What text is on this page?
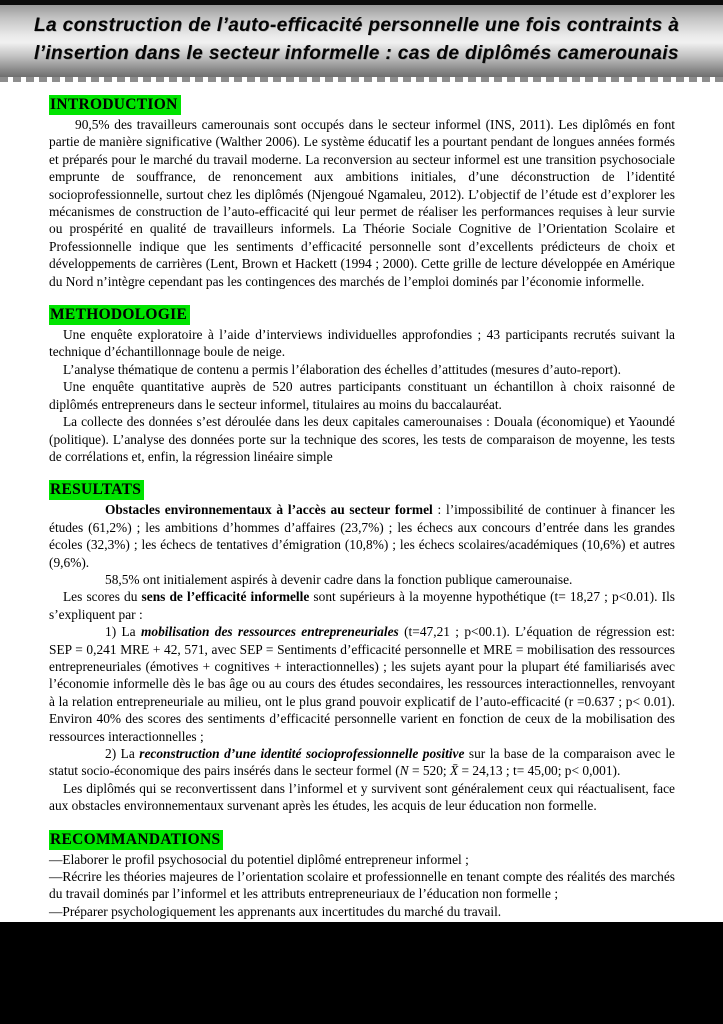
La construction de l’auto-efficacité personnelle une fois contraints à
l’insertion dans le secteur informelle : cas de diplômés camerounais
INTRODUCTION

90,5% des travailleurs camerounais sont occupés dans le secteur informel (INS, 2011). Les diplômés en font partie de manière significative (Walther 2006). Le système éducatif les a pourtant pendant de longues années formés et préparés pour le marché du travail moderne. La reconversion au secteur informel est une transition psychosociale emprunte de souffrance, de renoncement aux ambitions initiales, d’une déconstruction de l’identité socioprofessionnelle, surtout chez les diplômés (Njengoué Ngamaleu, 2012). L’objectif de l’étude est d’explorer les mécanismes de construction de l’auto-efficacité qui leur permet de réaliser les performances requises à leur survie ou prospérité en qualité de travailleurs informels. La Théorie Sociale Cognitive de l’Orientation Scolaire et Professionnelle indique que les sentiments d’efficacité personnelle sont d’excellents prédicteurs de choix et développements de carrières (Lent, Brown et Hackett (1994 ; 2000). Cette grille de lecture développée en Amérique du Nord n’intègre cependant pas les contingences des marchés de l’emploi dominés par l’économie informelle.

METHODOLOGIE

Une enquête exploratoire à l’aide d’interviews individuelles approfondies ; 43 participants recrutés suivant la technique d’échantillonnage boule de neige.

L’analyse thématique de contenu a permis l’élaboration des échelles d’attitudes (mesures d’auto-report).

Une enquête quantitative auprès de 520 autres participants constituant un échantillon à choix raisonné de diplômés entrepreneurs dans le secteur informel, titulaires au moins du baccalauréat.

La collecte des données s’est déroulée dans les deux capitales camerounaises : Douala (économique) et Yaoundé (politique). L’analyse des données porte sur la technique des scores, les tests de comparaison de moyenne, les tests de corrélations et, enfin, la régression linéaire simple

RESULTATS

Obstacles environnementaux à l’accès au secteur formel : l’impossibilité de continuer à financer les études (61,2%) ; les ambitions d’hommes d’affaires (23,7%) ; les échecs aux concours d’entrée dans les grandes écoles (32,3%) ; les échecs de tentatives d’émigration (10,8%) ; les échecs scolaires/académiques (10,6%) et autres (9,6%).

58,5% ont initialement aspirés à devenir cadre dans la fonction publique camerounaise.

Les scores du sens de l’efficacité informelle sont supérieurs à la moyenne hypothétique (t= 18,27 ; p<0.01). Ils s’expliquent par :

1) La mobilisation des ressources entrepreneuriales (t=47,21 ; p<00.1). L’équation de régression est: SEP = 0,241 MRE + 42, 571, avec SEP = Sentiments d’efficacité personnelle et MRE = mobilisation des ressources entrepreneuriales (émotives + cognitives + interactionnelles) ; les sujets ayant pour la plupart été familiarisés avec l’économie informelle dès le bas âge ou au cours des études secondaires, les ressources interactionnelles, renvoyant à la relation entrepreneuriale au milieu, ont le plus grand pouvoir explicatif de l’auto-efficacité (r =0.637 ; p< 0.01). Environ 40% des scores des sentiments d’efficacité personnelle varient en fonction de ceux de la mobilisation des ressources interactionnelles ;

2) La reconstruction d’une identité socioprofessionnelle positive sur la base de la comparaison avec le statut socio-économique des pairs insérés dans le secteur formel (N = 520; X̄ = 24,13 ; t= 45,00; p< 0,001).

Les diplômés qui se reconvertissent dans l’informel et y survivent sont généralement ceux qui réactualisent, face aux obstacles environnementaux survenant après les études, les acquis de leur éducation non formelle.

RECOMMANDATIONS

—Elaborer le profil psychosocial du potentiel diplômé entrepreneur informel ;

—Récrire les théories majeures de l’orientation scolaire et professionnelle en tenant compte des réalités des marchés du travail dominés par l’informel et les attributs entrepreneuriaux de l’éducation non formelle ;

—Préparer psychologiquement les apprenants aux incertitudes du marché du travail.
